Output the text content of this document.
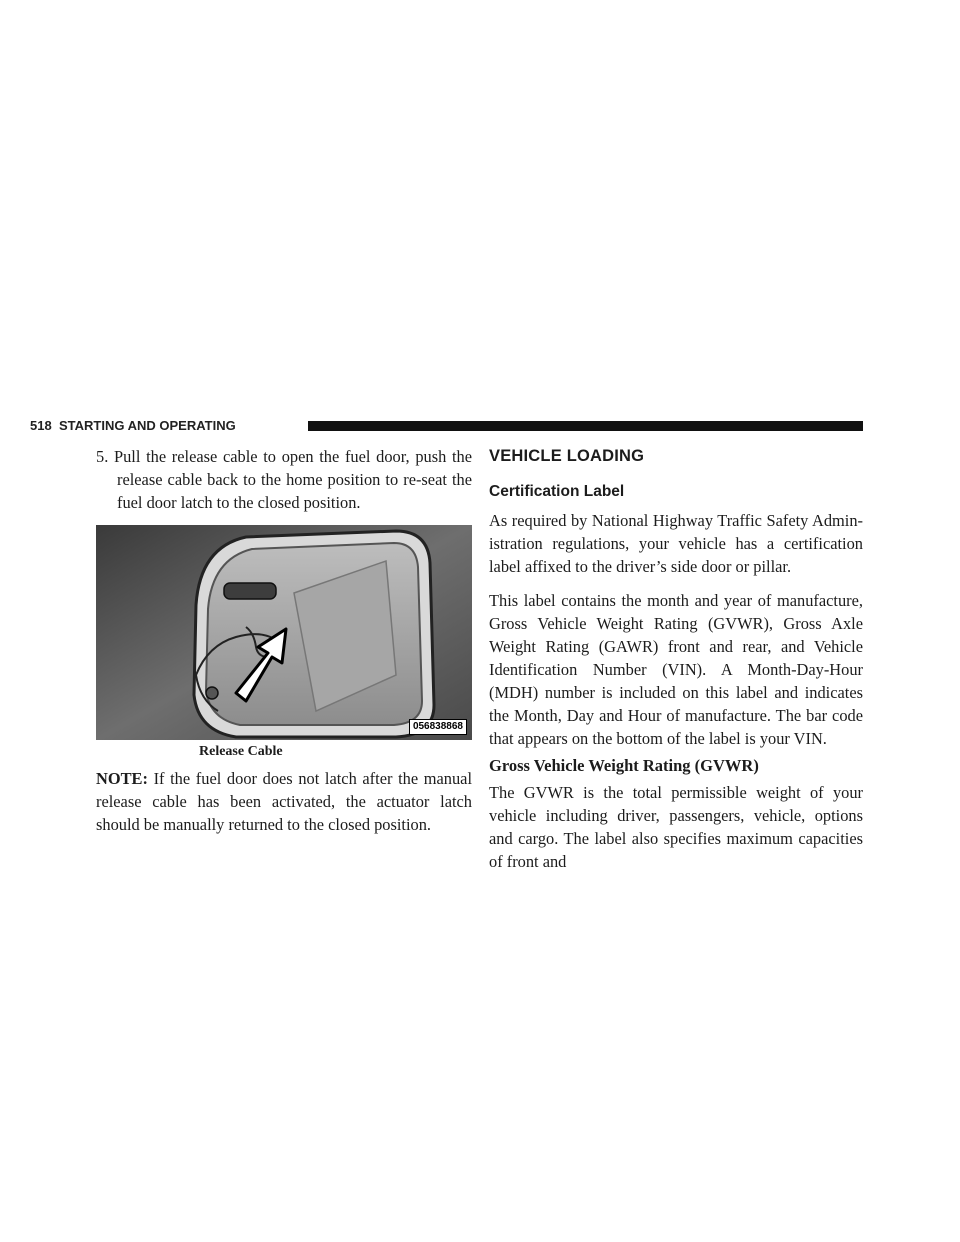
518 STARTING AND OPERATING

5. Pull the release cable to open the fuel door, push the release cable back to the home position to re-seat the fuel door latch to the closed position.

056838868
Release Cable

NOTE: If the fuel door does not latch after the manual release cable has been activated, the actuator latch should be manually returned to the closed position.

VEHICLE LOADING
Certification Label

As required by National Highway Traffic Safety Admin-istration regulations, your vehicle has a certification label affixed to the driver’s side door or pillar.

This label contains the month and year of manufacture, Gross Vehicle Weight Rating (GVWR), Gross Axle Weight Rating (GAWR) front and rear, and Vehicle Identification Number (VIN). A Month-Day-Hour (MDH) number is included on this label and indicates the Month, Day and Hour of manufacture. The bar code that appears on the bottom of the label is your VIN.

Gross Vehicle Weight Rating (GVWR)

The GVWR is the total permissible weight of your vehicle including driver, passengers, vehicle, options and cargo. The label also specifies maximum capacities of front and
